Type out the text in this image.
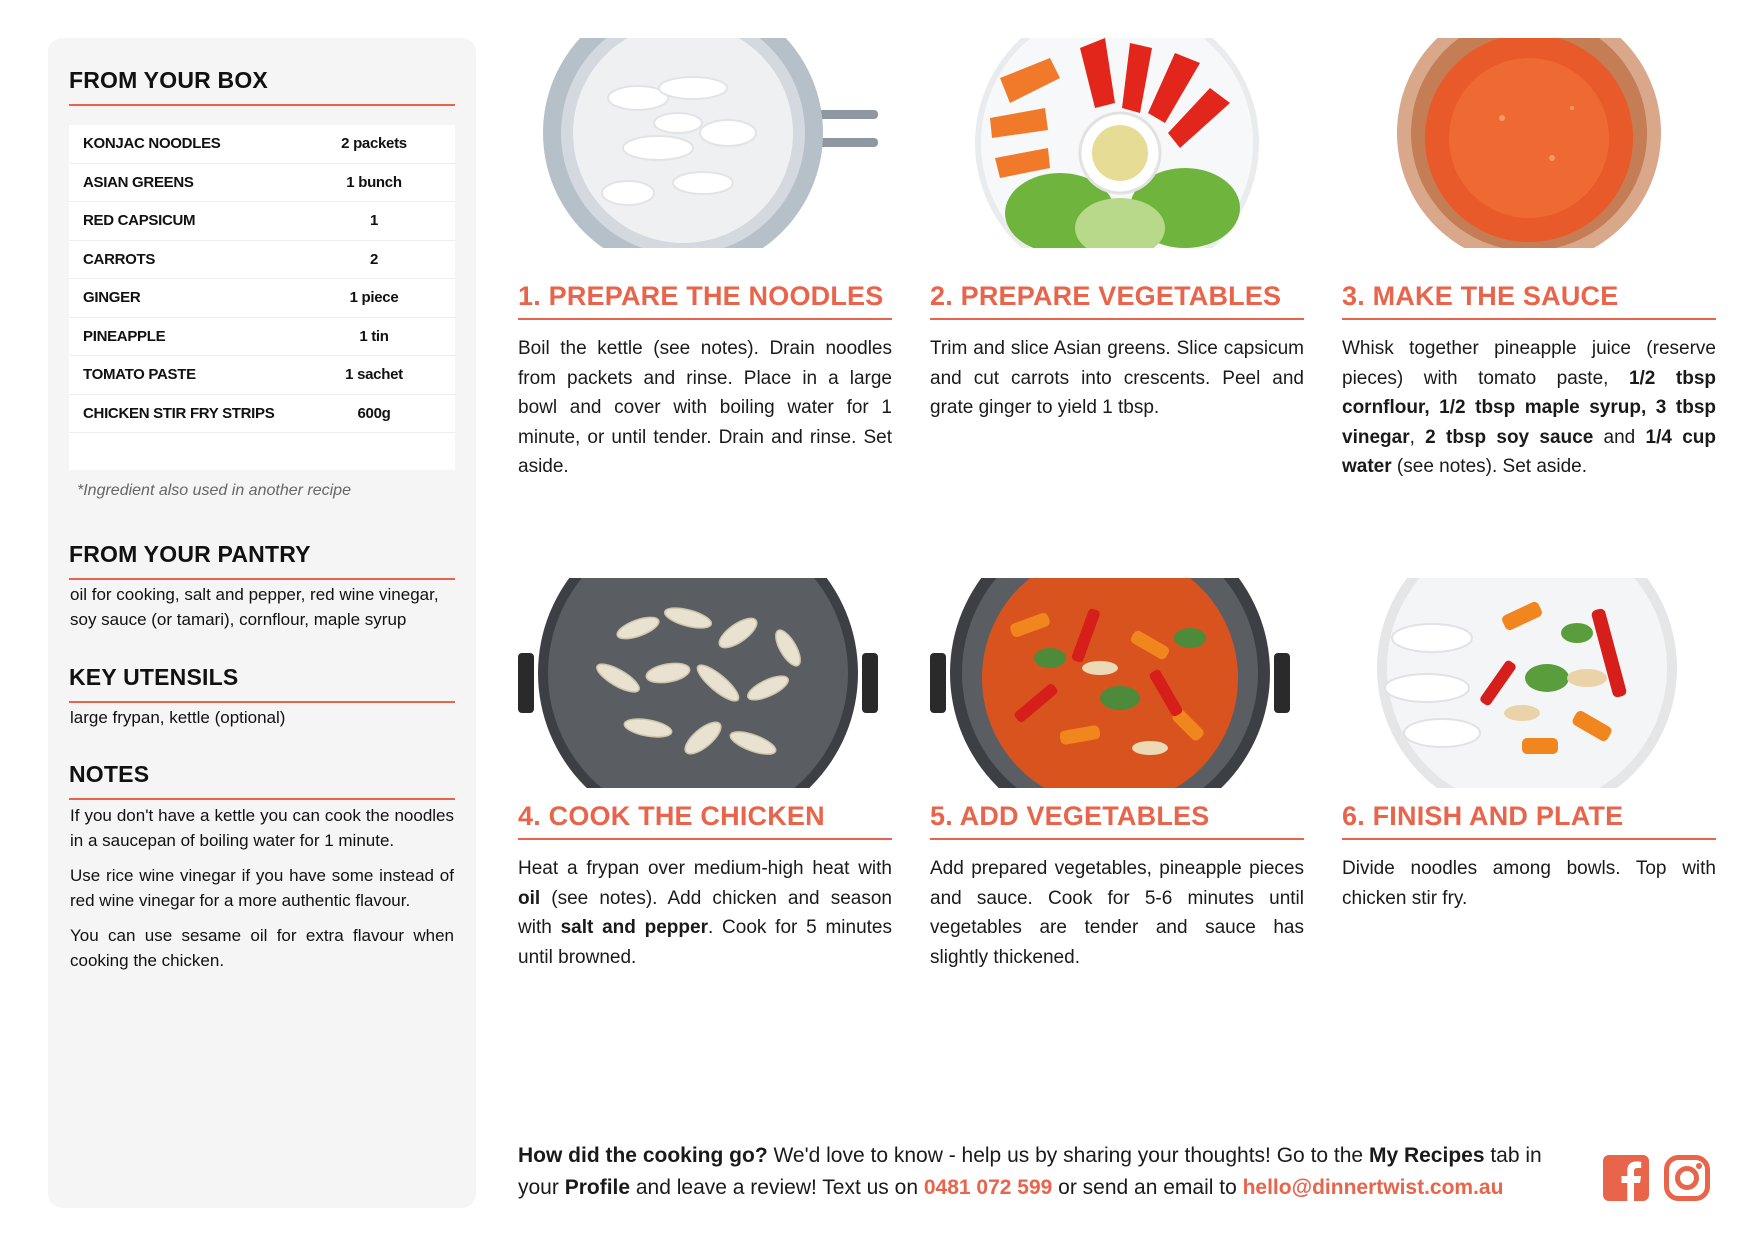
FROM YOUR BOX
KONJAC NOODLES	2 packets
ASIAN GREENS	1 bunch
RED CAPSICUM	1
CARROTS	2
GINGER	1 piece
PINEAPPLE	1 tin
TOMATO PASTE	1 sachet
CHICKEN STIR FRY STRIPS	600g
*Ingredient also used in another recipe
FROM YOUR PANTRY
oil for cooking, salt and pepper, red wine vinegar, soy sauce (or tamari), cornflour, maple syrup
KEY UTENSILS
large frypan, kettle (optional)
NOTES

If you don't have a kettle you can cook the noodles in a saucepan of boiling water for 1 minute.

Use rice wine vinegar if you have some instead of red wine vinegar for a more authentic flavour.

You can use sesame oil for extra flavour when cooking the chicken.

1. PREPARE THE NOODLES
Boil the kettle (see notes). Drain noodles from packets and rinse. Place in a large bowl and cover with boiling water for 1 minute, or until tender. Drain and rinse. Set aside.
2. PREPARE VEGETABLES
Trim and slice Asian greens. Slice capsicum and cut carrots into crescents. Peel and grate ginger to yield 1 tbsp.
3. MAKE THE SAUCE
Whisk together pineapple juice (reserve pieces) with tomato paste, 1/2 tbsp cornflour, 1/2 tbsp maple syrup, 3 tbsp vinegar, 2 tbsp soy sauce and 1/4 cup water (see notes). Set aside.
4. COOK THE CHICKEN
Heat a frypan over medium-high heat with oil (see notes). Add chicken and season with salt and pepper. Cook for 5 minutes until browned.
5. ADD VEGETABLES
Add prepared vegetables, pineapple pieces and sauce. Cook for 5-6 minutes until vegetables are tender and sauce has slightly thickened.
6. FINISH AND PLATE
Divide noodles among bowls. Top with chicken stir fry.
How did the cooking go? We'd love to know - help us by sharing your thoughts! Go to the My Recipes tab in your Profile and leave a review! Text us on 0481 072 599 or send an email to hello@dinnertwist.com.au
